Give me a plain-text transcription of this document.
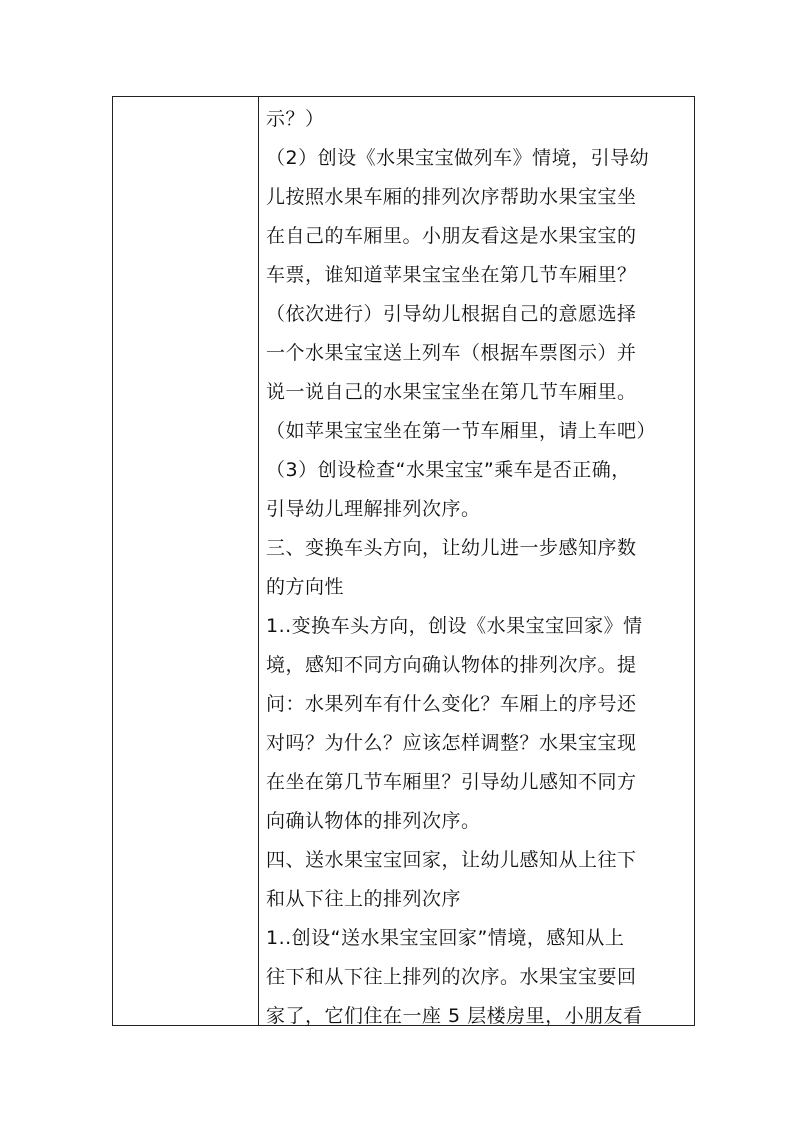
示？）
（2）创设《水果宝宝做列车》情境，引导幼
儿按照水果车厢的排列次序帮助水果宝宝坐
在自己的车厢里。小朋友看这是水果宝宝的
车票，谁知道苹果宝宝坐在第几节车厢里？
（依次进行）引导幼儿根据自己的意愿选择
一个水果宝宝送上列车（根据车票图示）并
说一说自己的水果宝宝坐在第几节车厢里。
（如苹果宝宝坐在第一节车厢里，请上车吧）
（3）创设检查“水果宝宝”乘车是否正确，
引导幼儿理解排列次序。
三、变换车头方向，让幼儿进一步感知序数
的方向性
1..变换车头方向，创设《水果宝宝回家》情
境，感知不同方向确认物体的排列次序。提
问：水果列车有什么变化？车厢上的序号还
对吗？为什么？应该怎样调整？水果宝宝现
在坐在第几节车厢里？引导幼儿感知不同方
向确认物体的排列次序。
四、送水果宝宝回家，让幼儿感知从上往下
和从下往上的排列次序
1..创设“送水果宝宝回家”情境，感知从上
往下和从下往上排列的次序。水果宝宝要回
家了，它们住在一座 5 层楼房里，小朋友看
